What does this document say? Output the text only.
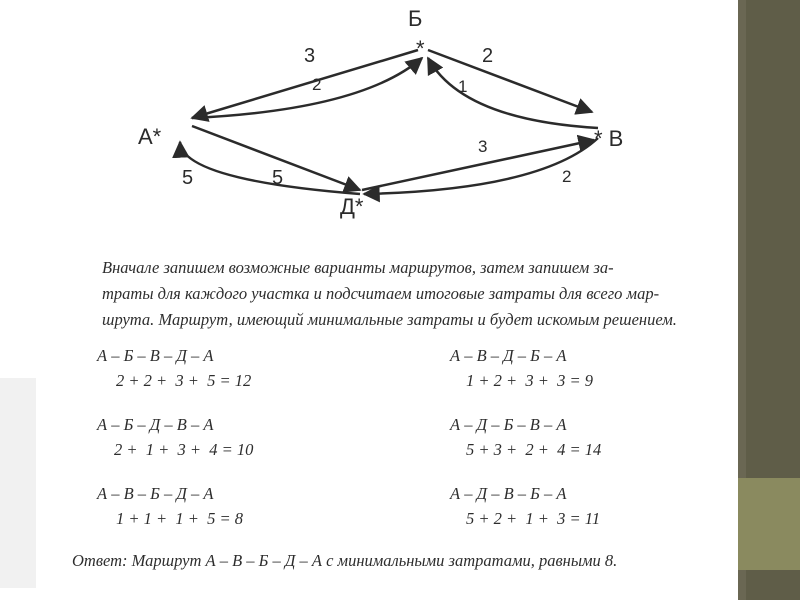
Б
*
А*	* В
Д*
3
2
2
1
5
5
3
2
Вначале запишем возможные варианты маршрутов, затем запишем за-
траты для каждого участка и подсчитаем итоговые затраты для всего мар-
шрута. Маршрут, имеющий минимальные затраты и будет искомым решением.
А – Б – В – Д – А
2 + 2 +  3 +  5 = 12
А – Б – Д – В – А
2 +  1 +  3 +  4 = 10
А – В – Б – Д – А
1 + 1 +  1 +  5 = 8
А – В – Д – Б – А
1 + 2 +  3 +  3 = 9
А – Д – Б – В – А
5 + 3 +  2 +  4 = 14
А – Д – В – Б – А
5 + 2 +  1 +  3 = 11
Ответ: Маршрут А – В – Б – Д – А с минимальными затратами, равными 8.
